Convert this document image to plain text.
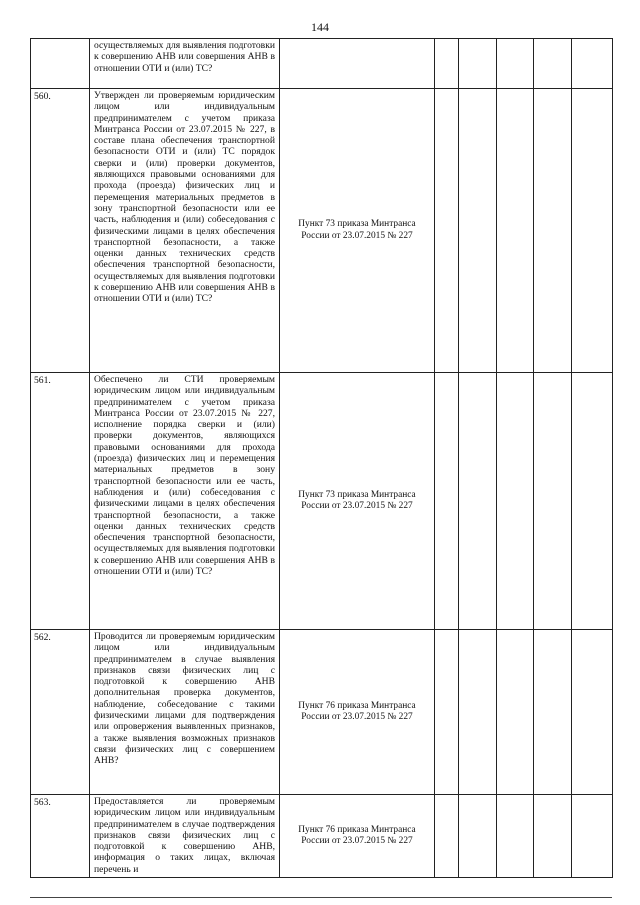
144
	осуществляемых для выявления подготовки к совершению АНВ или совершения АНВ в отношении ОТИ и (или) ТС?						
560.	Утвержден ли проверяемым юридическим лицом или индивидуальным предпринимателем с учетом приказа Минтранса России от 23.07.2015 № 227, в составе плана обеспечения транспортной безопасности ОТИ и (или) ТС порядок сверки и (или) проверки документов, являющихся правовыми основаниями для прохода (проезда) физических лиц и перемещения материальных предметов в зону транспортной безопасности или ее часть, наблюдения и (или) собеседования с физическими лицами в целях обеспечения транспортной безопасности, а также оценки данных технических средств обеспечения транспортной безопасности, осуществляемых для выявления подготовки к совершению АНВ или совершения АНВ в отношении ОТИ и (или) ТС?	Пункт 73 приказа Минтранса России от 23.07.2015 № 227					
561.	Обеспечено ли СТИ проверяемым юридическим лицом или индивидуальным предпринимателем с учетом приказа Минтранса России от 23.07.2015 № 227, исполнение порядка сверки и (или) проверки документов, являющихся правовыми основаниями для прохода (проезда) физических лиц и перемещения материальных предметов в зону транспортной безопасности или ее часть, наблюдения и (или) собеседования с физическими лицами в целях обеспечения транспортной безопасности, а также оценки данных технических средств обеспечения транспортной безопасности, осуществляемых для выявления подготовки к совершению АНВ или совершения АНВ в отношении ОТИ и (или) ТС?	Пункт 73 приказа Минтранса России от 23.07.2015 № 227					
562.	Проводится ли проверяемым юридическим лицом или индивидуальным предпринимателем в случае выявления признаков связи физических лиц с подготовкой к совершению АНВ дополнительная проверка документов, наблюдение, собеседование с такими физическими лицами для подтверждения или опровержения выявленных признаков, а также выявления возможных признаков связи физических лиц с совершением АНВ?	Пункт 76 приказа Минтранса России от 23.07.2015 № 227					
563.	Предоставляется ли проверяемым юридическим лицом или индивидуальным предпринимателем в случае подтверждения признаков связи физических лиц с подготовкой к совершению АНВ, информация о таких лицах, включая перечень и	Пункт 76 приказа Минтранса России от 23.07.2015 № 227					
